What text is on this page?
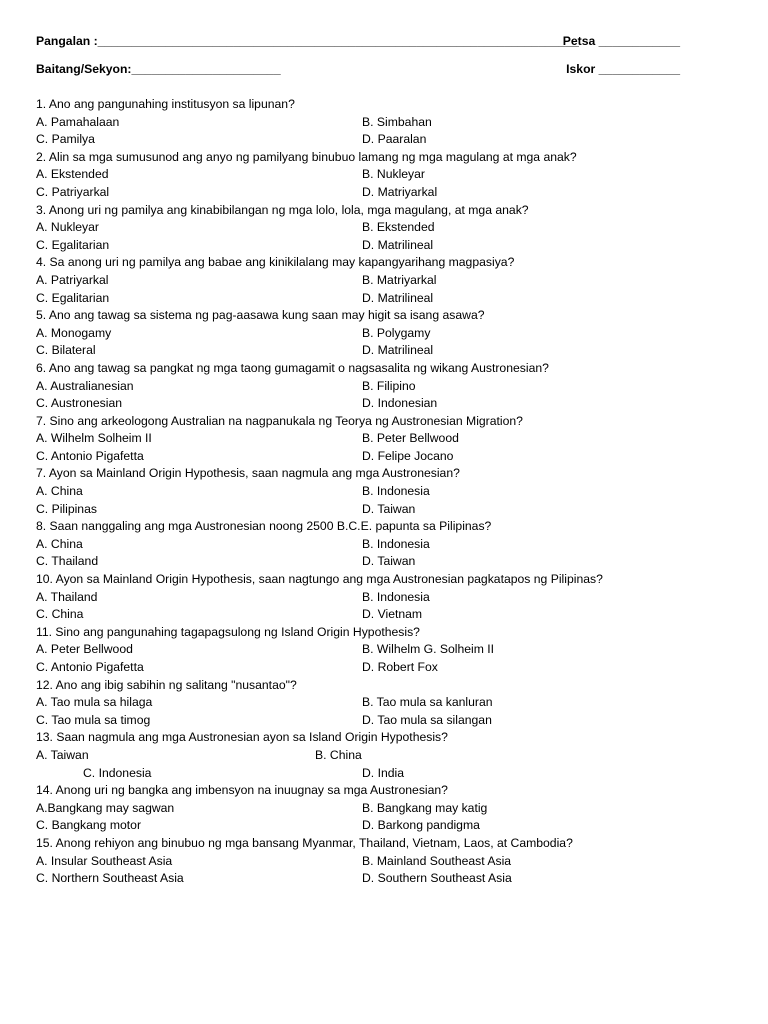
Pangalan :_______________________________________________________________________
Petsa ____________
Baitang/Sekyon:______________________	Iskor ____________
1. Ano ang pangunahing institusyon sa lipunan?
A. Pamahalaan	B. Simbahan
C. Pamilya	D. Paaralan
2. Alin sa mga sumusunod ang anyo ng pamilyang binubuo lamang ng mga magulang at mga anak?
A. Ekstended	B. Nukleyar
C. Patriyarkal	D. Matriyarkal
3. Anong uri ng pamilya ang kinabibilangan ng mga lolo, lola, mga magulang, at mga anak?
A. Nukleyar	B. Ekstended
C. Egalitarian	D. Matrilineal
4. Sa anong uri ng pamilya ang babae ang kinikilalang may kapangyarihang magpasiya?
A. Patriyarkal	B. Matriyarkal
C. Egalitarian	D. Matrilineal
5. Ano ang tawag sa sistema ng pag-aasawa kung saan may higit sa isang asawa?
A. Monogamy	B. Polygamy
C. Bilateral	D. Matrilineal
6. Ano ang tawag sa pangkat ng mga taong gumagamit o nagsasalita ng wikang Austronesian?
A. Australianesian	B. Filipino
C. Austronesian	D. Indonesian
7. Sino ang arkeologong Australian na nagpanukala ng Teorya ng Austronesian Migration?
A. Wilhelm Solheim II	B. Peter Bellwood
C. Antonio Pigafetta	D. Felipe Jocano
7. Ayon sa Mainland Origin Hypothesis, saan nagmula ang mga Austronesian?
A. China	B. Indonesia
C. Pilipinas	D. Taiwan
8. Saan nanggaling ang mga Austronesian noong 2500 B.C.E. papunta sa Pilipinas?
A. China	B. Indonesia
C. Thailand	D. Taiwan
10. Ayon sa Mainland Origin Hypothesis, saan nagtungo ang mga Austronesian pagkatapos ng Pilipinas?
A. Thailand	B. Indonesia
C. China	D. Vietnam
11. Sino ang pangunahing tagapagsulong ng Island Origin Hypothesis?
A. Peter Bellwood	B. Wilhelm G. Solheim II
C. Antonio Pigafetta	D. Robert Fox
12. Ano ang ibig sabihin ng salitang "nusantao"?
A. Tao mula sa hilaga	B. Tao mula sa kanluran
C. Tao mula sa timog	D. Tao mula sa silangan
13. Saan nagmula ang mga Austronesian ayon sa Island Origin Hypothesis?
A. Taiwan	B. China
C. Indonesia	D. India
14. Anong uri ng bangka ang imbensyon na inuugnay sa mga Austronesian?
A.Bangkang may sagwan	B. Bangkang may katig
C. Bangkang motor	D. Barkong pandigma
15. Anong rehiyon ang binubuo ng mga bansang Myanmar, Thailand, Vietnam, Laos, at Cambodia?
A. Insular Southeast Asia	B. Mainland Southeast Asia
C. Northern Southeast Asia	D. Southern Southeast Asia
